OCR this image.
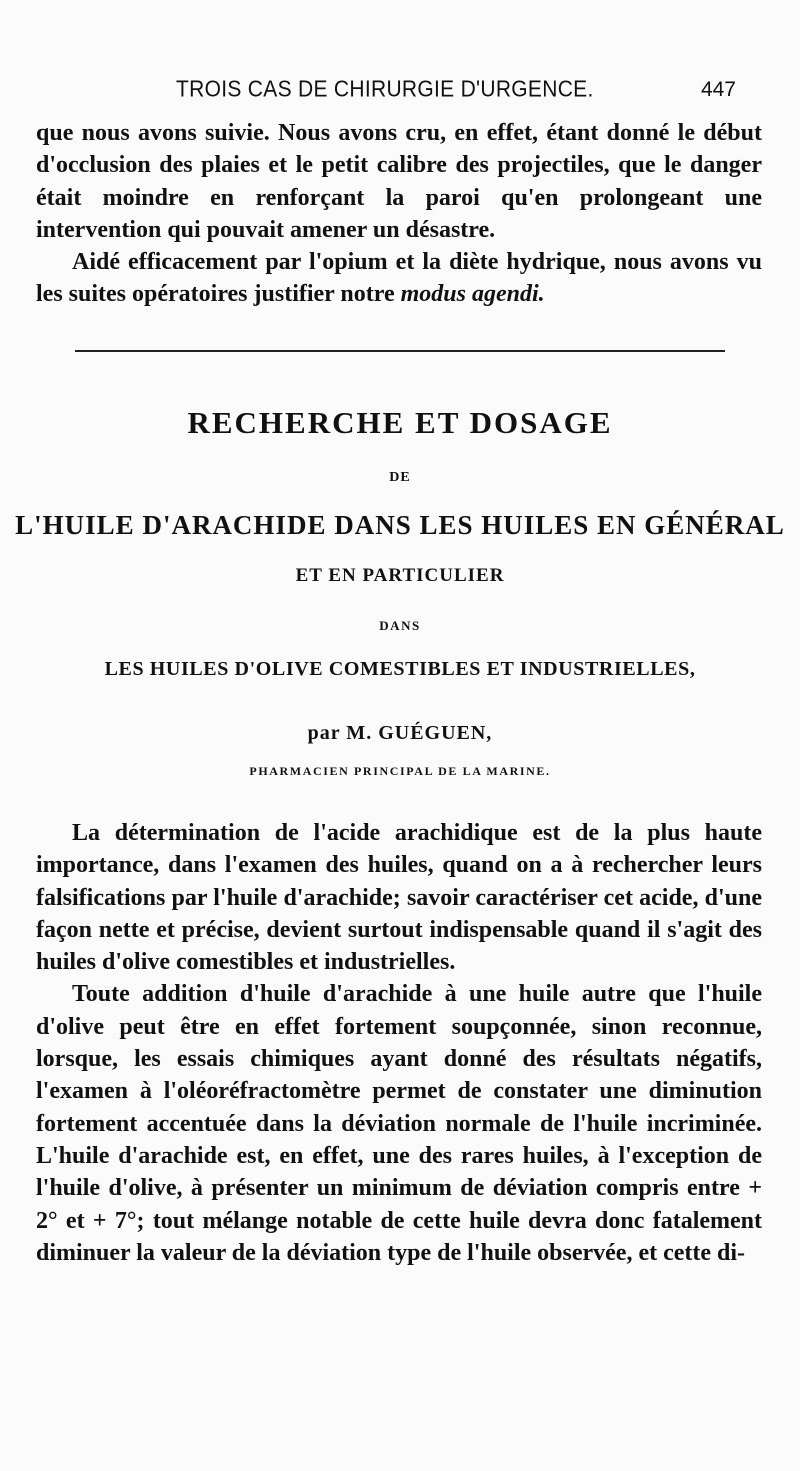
TROIS CAS DE CHIRURGIE D'URGENCE.	447

que nous avons suivie. Nous avons cru, en effet, étant donné le début d'occlusion des plaies et le petit calibre des projectiles, que le danger était moindre en renforçant la paroi qu'en prolongeant une intervention qui pouvait amener un désastre.

Aidé efficacement par l'opium et la diète hydrique, nous avons vu les suites opératoires justifier notre modus agendi.

RECHERCHE ET DOSAGE
DE
L'HUILE D'ARACHIDE DANS LES HUILES EN GÉNÉRAL
ET EN PARTICULIER
DANS
LES HUILES D'OLIVE COMESTIBLES ET INDUSTRIELLES,
par M. GUÉGUEN,
PHARMACIEN PRINCIPAL DE LA MARINE.

La détermination de l'acide arachidique est de la plus haute importance, dans l'examen des huiles, quand on a à rechercher leurs falsifications par l'huile d'arachide; savoir caractériser cet acide, d'une façon nette et précise, devient surtout indispensable quand il s'agit des huiles d'olive comestibles et industrielles.

Toute addition d'huile d'arachide à une huile autre que l'huile d'olive peut être en effet fortement soupçonnée, sinon reconnue, lorsque, les essais chimiques ayant donné des résultats négatifs, l'examen à l'oléoréfractomètre permet de constater une diminution fortement accentuée dans la déviation normale de l'huile incriminée. L'huile d'arachide est, en effet, une des rares huiles, à l'exception de l'huile d'olive, à présenter un minimum de déviation compris entre + 2° et + 7°; tout mélange notable de cette huile devra donc fatalement diminuer la valeur de la déviation type de l'huile observée, et cette di-
